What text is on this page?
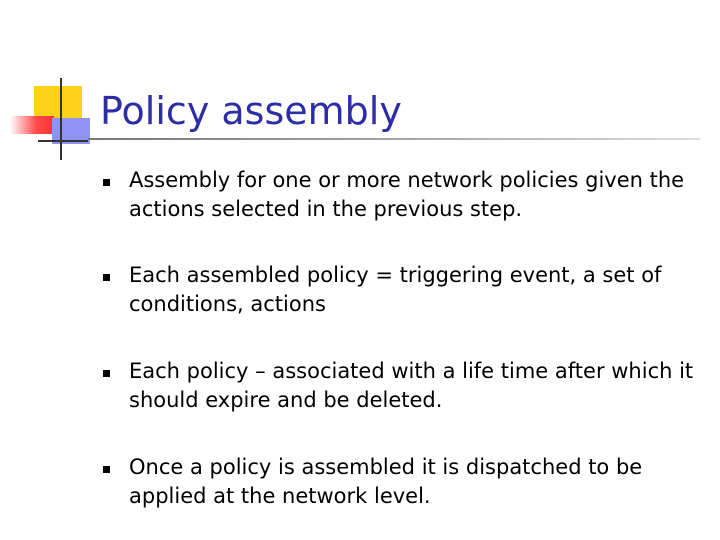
Policy assembly
Assembly for one or more network policies given the actions selected in the previous step.
Each assembled policy = triggering event, a set of conditions, actions
Each policy – associated with a life time after which it should expire and be deleted.
Once a policy is assembled it is dispatched to be applied at the network level.
